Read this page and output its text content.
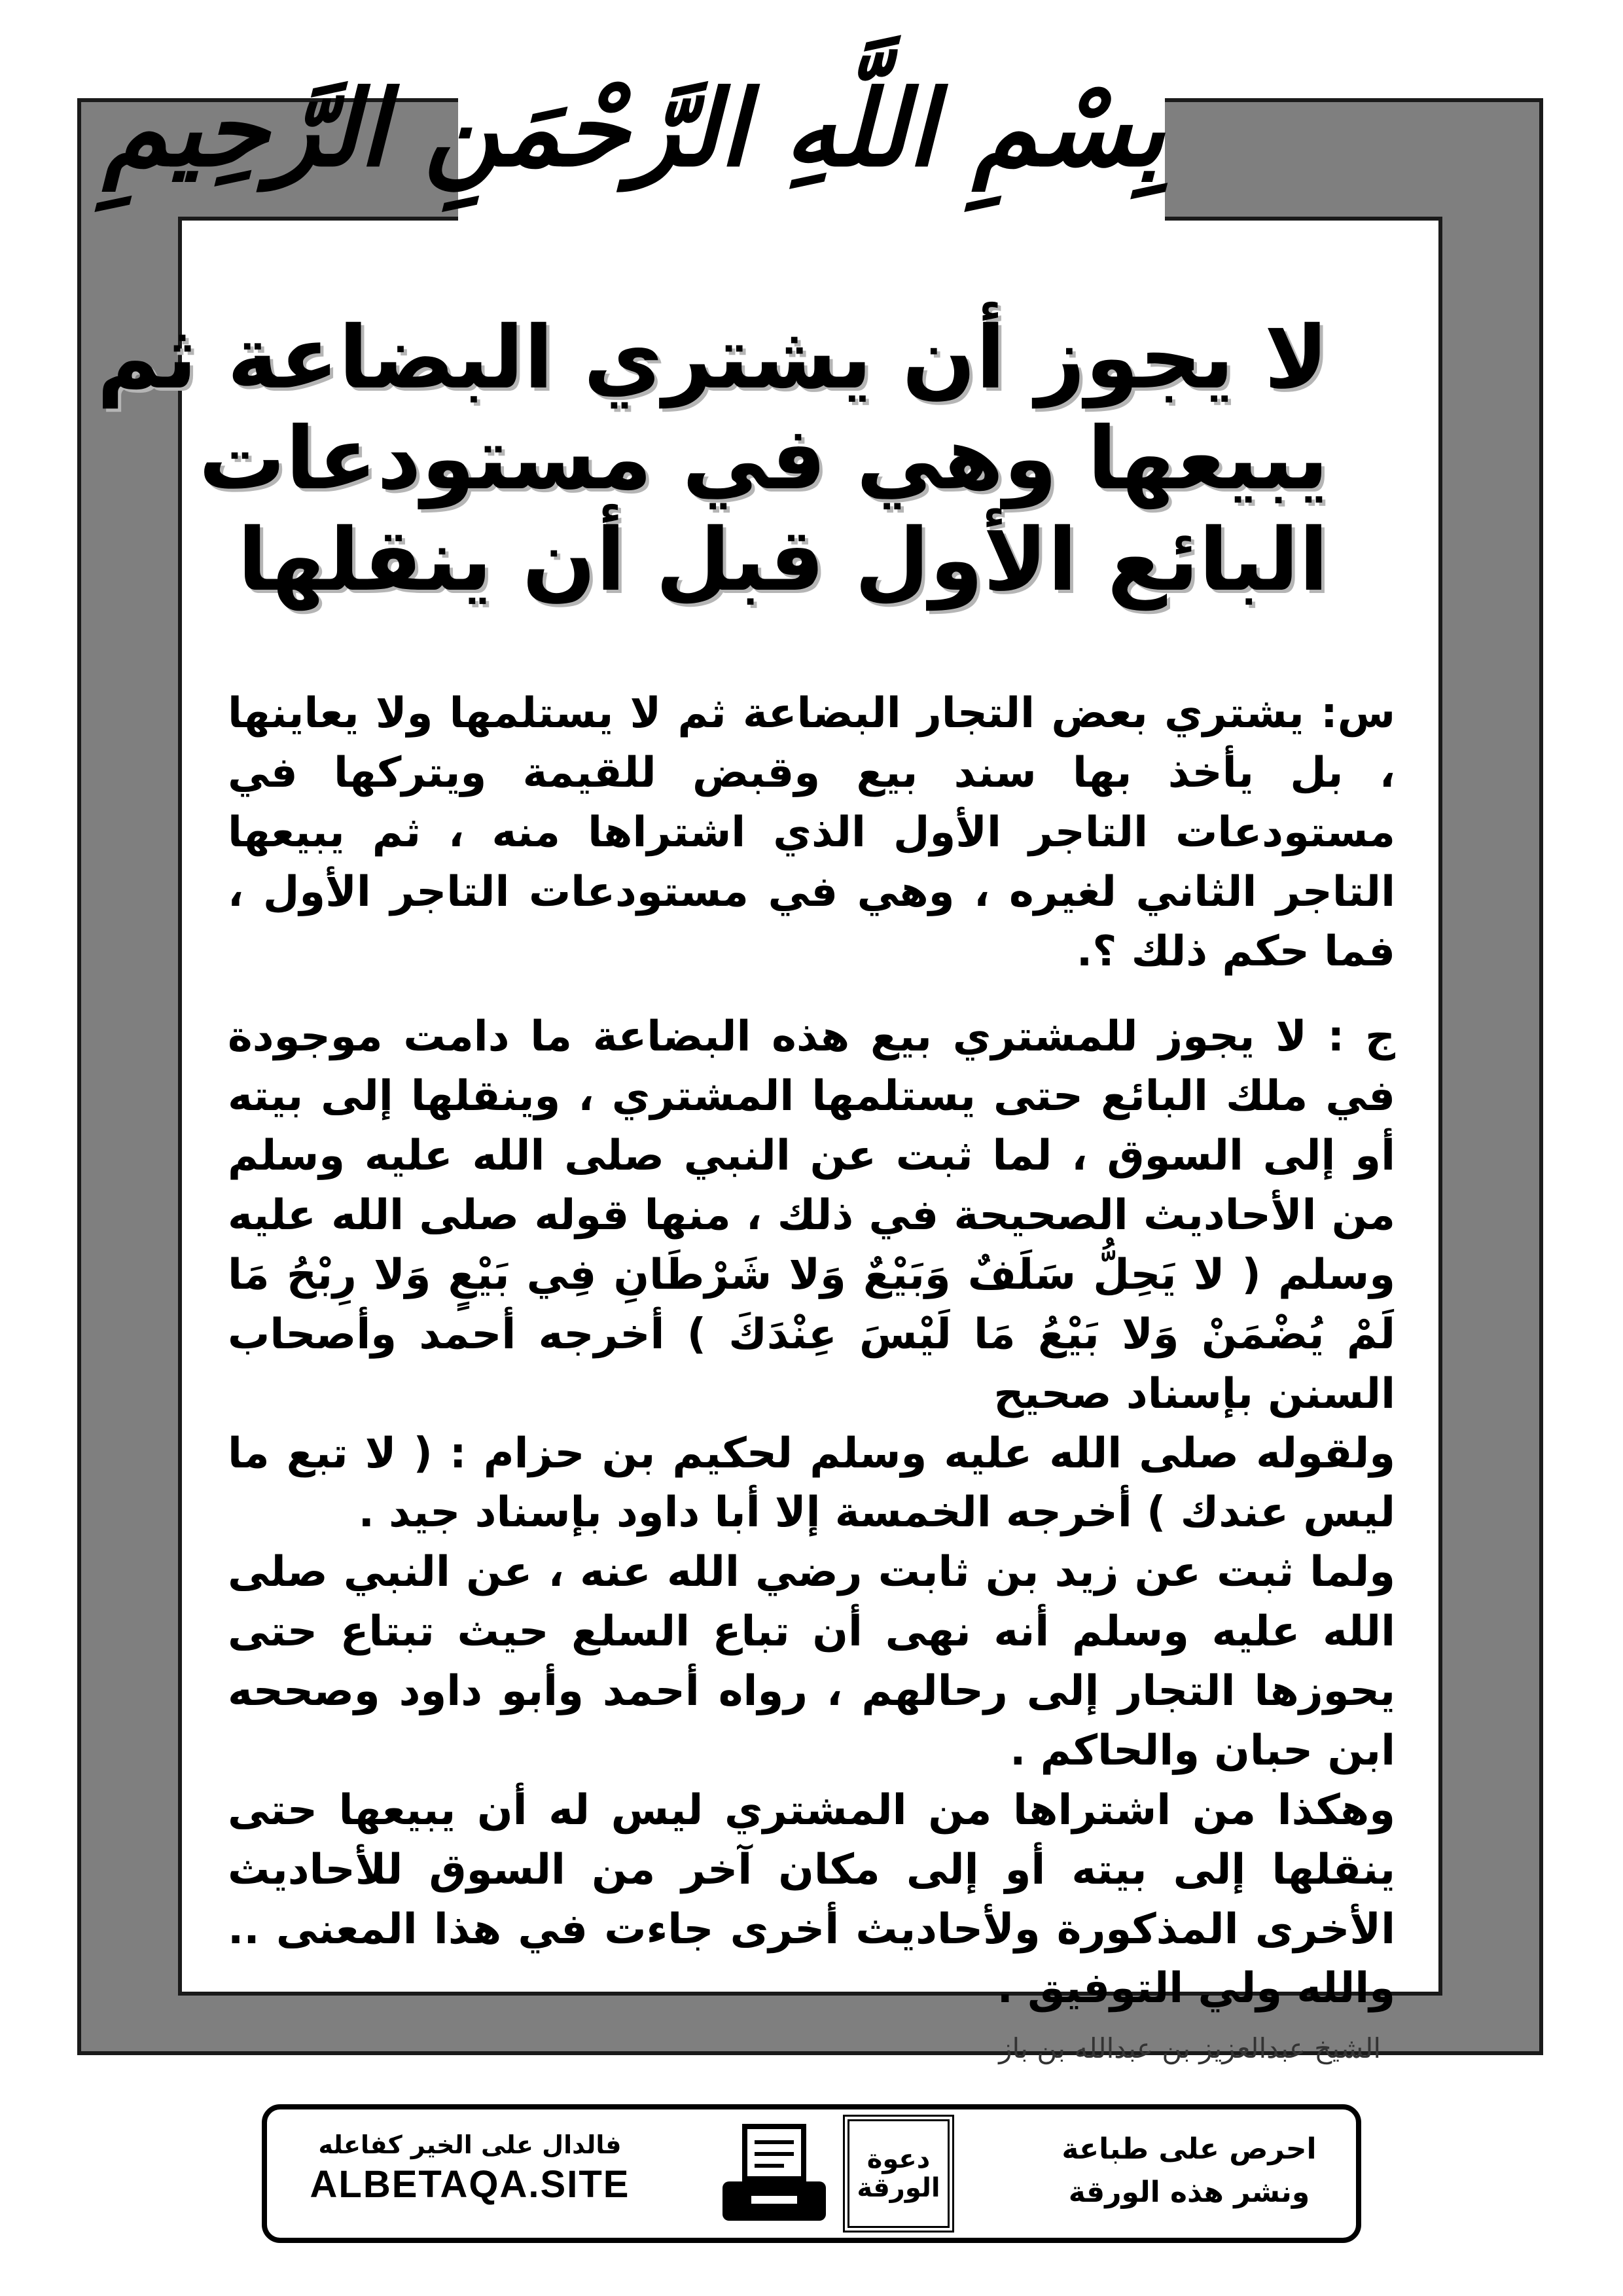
بِسْمِ اللَّهِ الرَّحْمَنِ الرَّحِيمِ
لا يجوز أن يشتري البضاعة ثم
يبيعها وهي في مستودعات
البائع الأول قبل أن ينقلها

س: يشتري بعض التجار البضاعة ثم لا يستلمها ولا يعاينها ، بل يأخذ بها سند بيع وقبض للقيمة ويتركها في مستودعات التاجر الأول الذي اشتراها منه ، ثم يبيعها التاجر الثاني لغيره ، وهي في مستودعات التاجر الأول ، فما حكم ذلك ؟.

ج : لا يجوز للمشتري بيع هذه البضاعة ما دامت موجودة في ملك البائع حتى يستلمها المشتري ، وينقلها إلى بيته أو إلى السوق ، لما ثبت عن النبي صلى الله عليه وسلم من الأحاديث الصحيحة في ذلك ، منها قوله صلى الله عليه وسلم ( لا يَحِلُّ سَلَفٌ وَبَيْعٌ وَلا شَرْطَانِ فِي بَيْعٍ وَلا رِبْحُ مَا لَمْ يُضْمَنْ وَلا بَيْعُ مَا لَيْسَ عِنْدَكَ ) أخرجه أحمد وأصحاب السنن بإسناد صحيح

ولقوله صلى الله عليه وسلم لحكيم بن حزام : ( لا تبع ما ليس عندك ) أخرجه الخمسة إلا أبا داود بإسناد جيد .

ولما ثبت عن زيد بن ثابت رضي الله عنه ، عن النبي صلى الله عليه وسلم أنه نهى أن تباع السلع حيث تبتاع حتى يحوزها التجار إلى رحالهم ، رواه أحمد وأبو داود وصححه ابن حبان والحاكم .

وهكذا من اشتراها من المشتري ليس له أن يبيعها حتى ينقلها إلى بيته أو إلى مكان آخر من السوق للأحاديث الأخرى المذكورة ولأحاديث أخرى جاءت في هذا المعنى .. والله ولي التوفيق .

الشيخ عبدالعزيز بن عبدالله بن باز
احرص على طباعة
ونشر هذه الورقة
دعوة
الورقة
فالدال على الخير كفاعله
ALBETAQA.SITE
